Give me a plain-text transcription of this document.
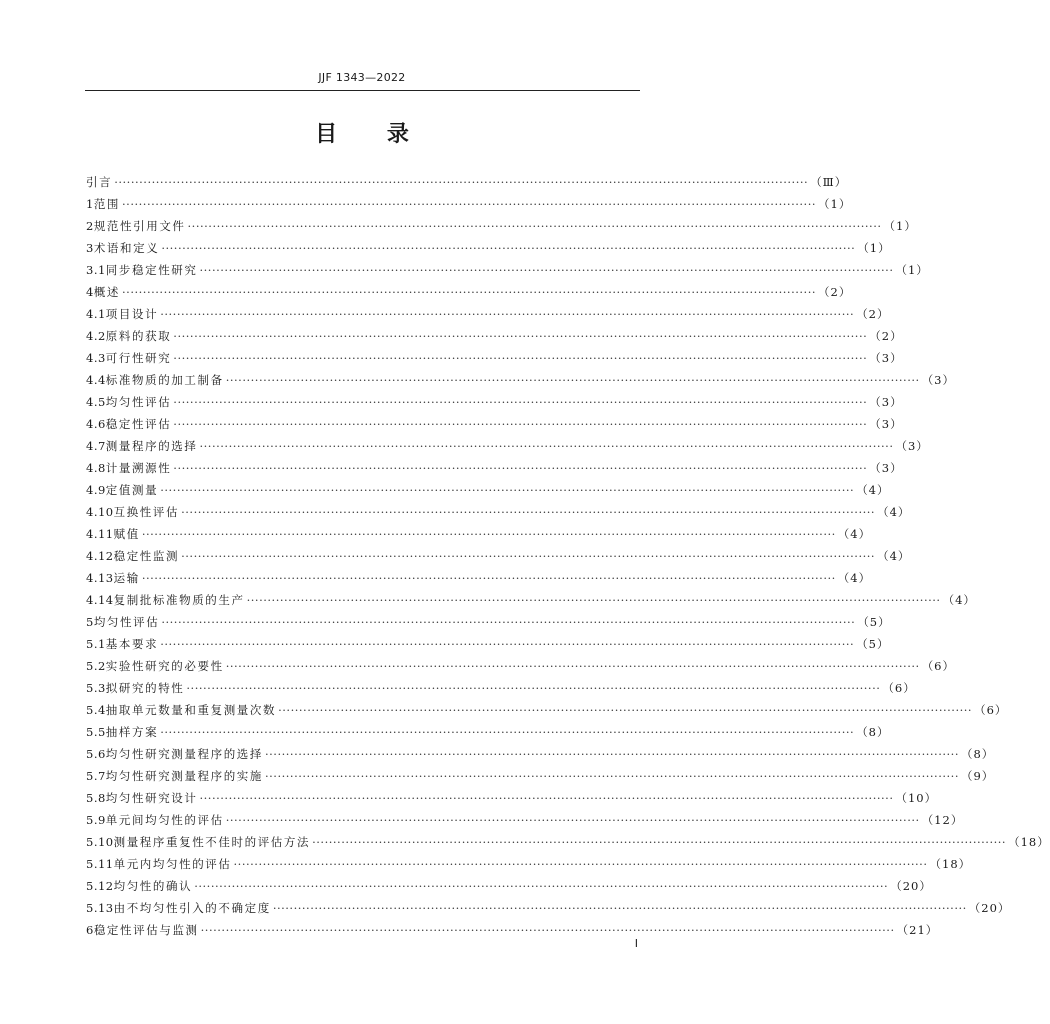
JJF 1343—2022
目 录
引言 ······································································································································································· （Ⅲ）
1 范围 ······································································································································································· （1）
2 规范性引用文件 ······································································································································································· （1）
3 术语和定义 ······································································································································································· （1）
3.1 同步稳定性研究 ······································································································································································· （1）
4 概述 ······································································································································································· （2）
4.1 项目设计 ······································································································································································· （2）
4.2 原料的获取 ······································································································································································· （2）
4.3 可行性研究 ······································································································································································· （3）
4.4 标准物质的加工制备 ······································································································································································· （3）
4.5 均匀性评估 ······································································································································································· （3）
4.6 稳定性评估 ······································································································································································· （3）
4.7 测量程序的选择 ······································································································································································· （3）
4.8 计量溯源性 ······································································································································································· （3）
4.9 定值测量 ······································································································································································· （4）
4.10 互换性评估 ······································································································································································· （4）
4.11 赋值 ······································································································································································· （4）
4.12 稳定性监测 ······································································································································································· （4）
4.13 运输 ······································································································································································· （4）
4.14 复制批标准物质的生产 ······································································································································································· （4）
5 均匀性评估 ······································································································································································· （5）
5.1 基本要求 ······································································································································································· （5）
5.2 实验性研究的必要性 ······································································································································································· （6）
5.3 拟研究的特性 ······································································································································································· （6）
5.4 抽取单元数量和重复测量次数 ······································································································································································· （6）
5.5 抽样方案 ······································································································································································· （8）
5.6 均匀性研究测量程序的选择 ······································································································································································· （8）
5.7 均匀性研究测量程序的实施 ······································································································································································· （9）
5.8 均匀性研究设计 ······································································································································································· （10）
5.9 单元间均匀性的评估 ······································································································································································· （12）
5.10 测量程序重复性不佳时的评估方法 ······································································································································································· （18）
5.11 单元内均匀性的评估 ······································································································································································· （18）
5.12 均匀性的确认 ······································································································································································· （20）
5.13 由不均匀性引入的不确定度 ······································································································································································· （20）
6 稳定性评估与监测 ······································································································································································· （21）
I
